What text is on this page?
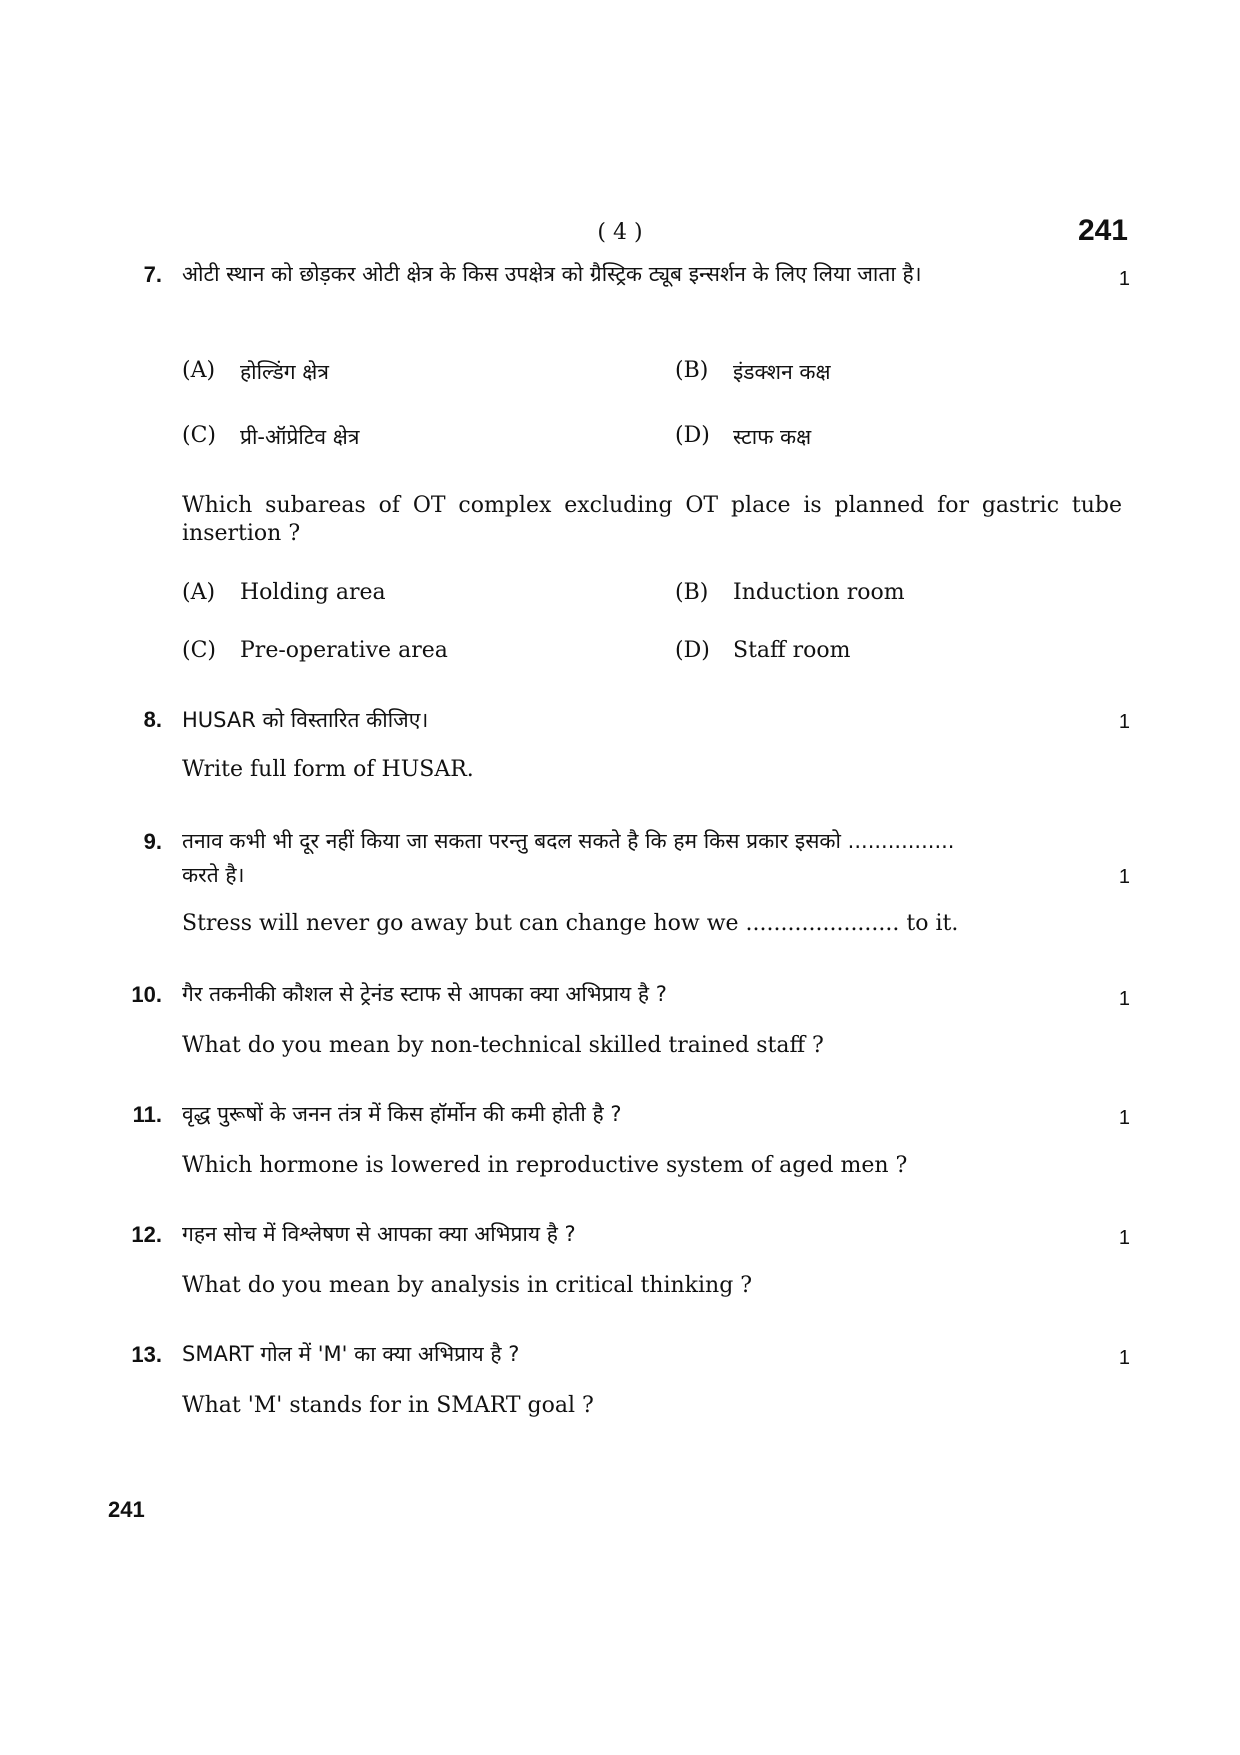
( 4 )	241
7. ओटी स्थान को छोड़कर ओटी क्षेत्र के किस उपक्षेत्र को ग्रैस्ट्रिक ट्यूब इन्सर्शन के लिए लिया जाता है।	1
(A) होल्डिंग क्षेत्र	(B) इंडक्शन कक्ष
(C) प्री-ऑप्रेटिव क्षेत्र	(D) स्टाफ कक्ष
Which subareas of OT complex excluding OT place is planned for gastric tube insertion ?
(A) Holding area	(B) Induction room
(C) Pre-operative area	(D) Staff room
8. HUSAR को विस्तारित कीजिए।	1
Write full form of HUSAR.
9. तनाव कभी भी दूर नहीं किया जा सकता परन्तु बदल सकते है कि हम किस प्रकार इसको ................
करते है।	1
Stress will never go away but can change how we ...................... to it.
10. गैर तकनीकी कौशल से ट्रेनंड स्टाफ से आपका क्या अभिप्राय है ?	1
What do you mean by non-technical skilled trained staff ?
11. वृद्ध पुरूषों के जनन तंत्र में किस हॉर्मोन की कमी होती है ?	1
Which hormone is lowered in reproductive system of aged men ?
12. गहन सोच में विश्लेषण से आपका क्या अभिप्राय है ?	1
What do you mean by analysis in critical thinking ?
13. SMART गोल में 'M' का क्या अभिप्राय है ?	1
What 'M' stands for in SMART goal ?
241
